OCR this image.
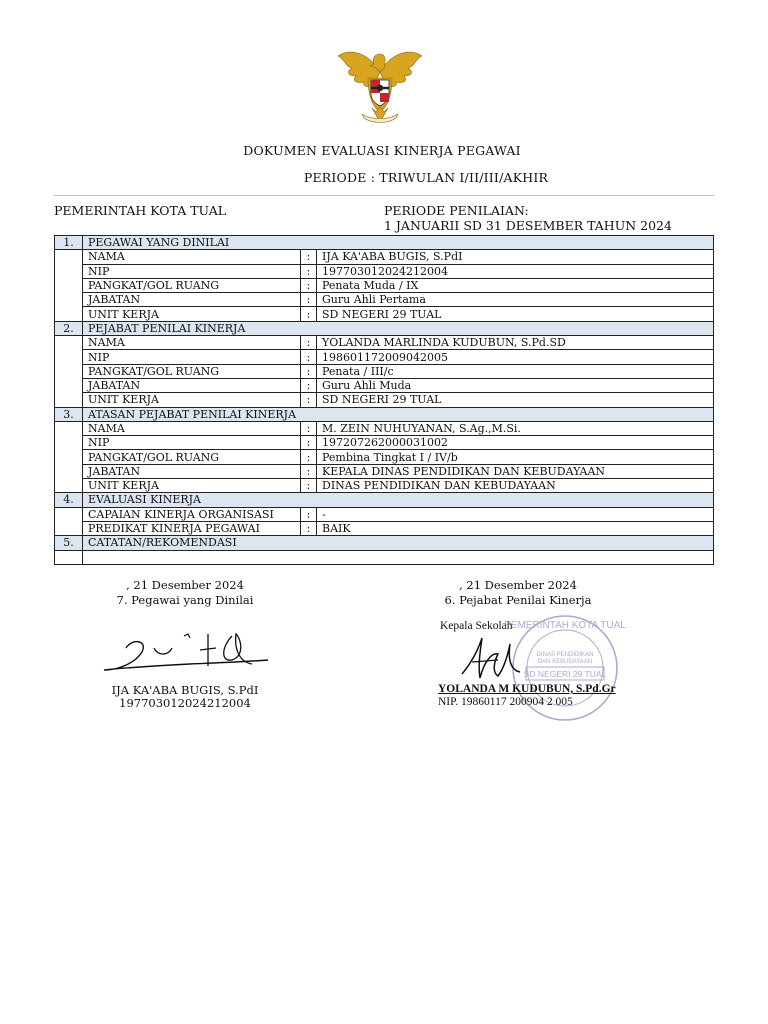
DOKUMEN EVALUASI KINERJA PEGAWAI
PERIODE : TRIWULAN I/II/III/AKHIR
PEMERINTAH KOTA TUAL	PERIODE PENILAIAN:
1 JANUARII SD 31 DESEMBER TAHUN 2024
1.	PEGAWAI YANG DINILAI		
	NAMA	:	IJA KA'ABA BUGIS, S.PdI
	NIP	:	197703012024212004
	PANGKAT/GOL RUANG	:	Penata Muda / IX
	JABATAN	:	Guru Ahli Pertama
	UNIT KERJA	:	SD NEGERI 29 TUAL
2.	PEJABAT PENILAI KINERJA		
	NAMA	:	YOLANDA MARLINDA KUDUBUN, S.Pd.SD
	NIP	:	198601172009042005
	PANGKAT/GOL RUANG	:	Penata / III/c
	JABATAN	:	Guru Ahli Muda
	UNIT KERJA	:	SD NEGERI 29 TUAL
3.	ATASAN PEJABAT PENILAI KINERJA		
	NAMA	:	M. ZEIN NUHUYANAN, S.Ag.,M.Si.
	NIP	:	197207262000031002
	PANGKAT/GOL RUANG	:	Pembina Tingkat I / IV/b
	JABATAN	:	KEPALA DINAS PENDIDIKAN DAN KEBUDAYAAN
	UNIT KERJA	:	DINAS PENDIDIKAN DAN KEBUDAYAAN
4.	EVALUASI KINERJA		
	CAPAIAN KINERJA ORGANISASI	:	-
	PREDIKAT KINERJA PEGAWAI	:	BAIK
5.	CATATAN/REKOMENDASI		

, 21 Desember 2024
7. Pegawai yang Dinilai
, 21 Desember 2024
6. Pejabat Penilai Kinerja
Kepala Sekolah
PEMERINTAH KOTA TUAL
DINAS PENDIDIKAN
DAN KEBUDAYAAN
SD NEGERI 29 TUAL
IJA KA'ABA BUGIS, S.PdI
197703012024212004
YOLANDA M KUDUBUN, S.Pd.Gr
NIP. 19860117 200904 2 005
